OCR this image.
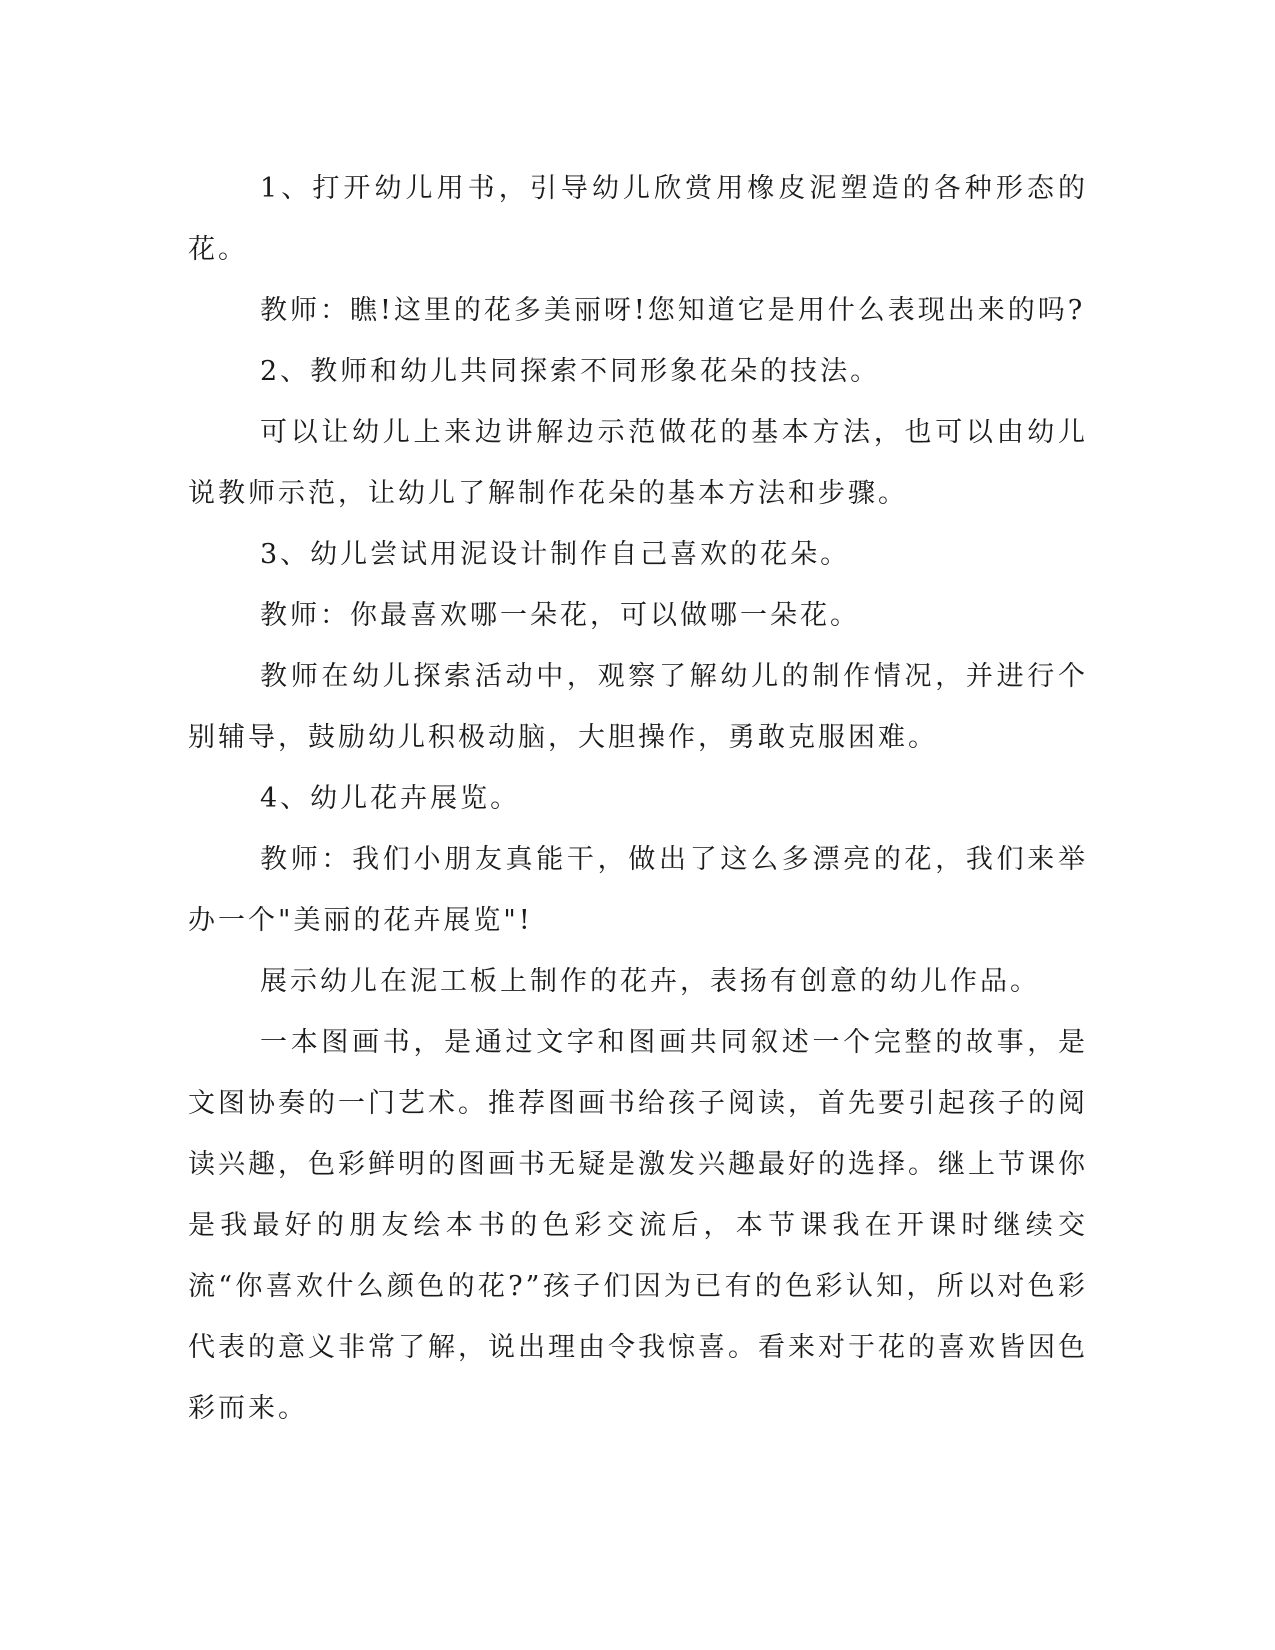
1、打开幼儿用书，引导幼儿欣赏用橡皮泥塑造的各种形态的花。

教师：瞧!这里的花多美丽呀!您知道它是用什么表现出来的吗?

2、教师和幼儿共同探索不同形象花朵的技法。

可以让幼儿上来边讲解边示范做花的基本方法，也可以由幼儿说教师示范，让幼儿了解制作花朵的基本方法和步骤。

3、幼儿尝试用泥设计制作自己喜欢的花朵。

教师：你最喜欢哪一朵花，可以做哪一朵花。

教师在幼儿探索活动中，观察了解幼儿的制作情况，并进行个别辅导，鼓励幼儿积极动脑，大胆操作，勇敢克服困难。

4、幼儿花卉展览。

教师：我们小朋友真能干，做出了这么多漂亮的花，我们来举办一个"美丽的花卉展览"!

展示幼儿在泥工板上制作的花卉，表扬有创意的幼儿作品。

一本图画书，是通过文字和图画共同叙述一个完整的故事，是文图协奏的一门艺术。推荐图画书给孩子阅读，首先要引起孩子的阅读兴趣，色彩鲜明的图画书无疑是激发兴趣最好的选择。继上节课你是我最好的朋友绘本书的色彩交流后，本节课我在开课时继续交流“你喜欢什么颜色的花?”孩子们因为已有的色彩认知，所以对色彩代表的意义非常了解，说出理由令我惊喜。看来对于花的喜欢皆因色彩而来。
